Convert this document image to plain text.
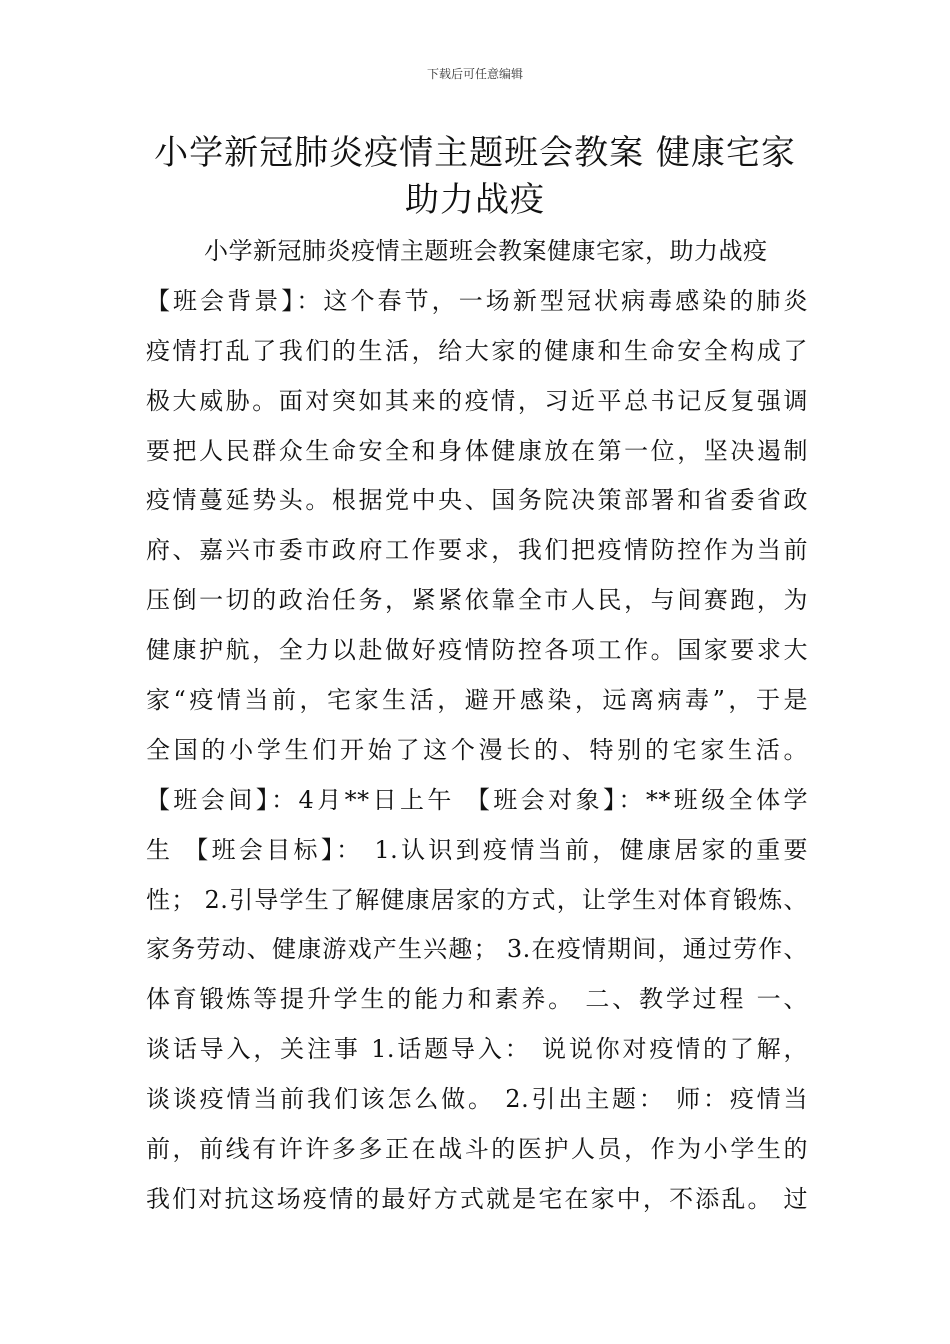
下载后可任意编辑
小学新冠肺炎疫情主题班会教案 健康宅家
助力战疫
小学新冠肺炎疫情主题班会教案健康宅家，助力战疫
【班会背景】：这个春节，一场新型冠状病毒感染的肺炎
疫情打乱了我们的生活，给大家的健康和生命安全构成了
极大威胁。面对突如其来的疫情，习近平总书记反复强调
要把人民群众生命安全和身体健康放在第一位，坚决遏制
疫情蔓延势头。根据党中央、国务院决策部署和省委省政
府、嘉兴市委市政府工作要求，我们把疫情防控作为当前
压倒一切的政治任务，紧紧依靠全市人民，与间赛跑，为
健康护航，全力以赴做好疫情防控各项工作。国家要求大
家“疫情当前，宅家生活，避开感染，远离病毒”，于是
全国的小学生们开始了这个漫长的、特别的宅家生活。
【班会间】：4月**日上午 【班会对象】：**班级全体学
生 【班会目标】： 1.认识到疫情当前，健康居家的重要
性； 2.引导学生了解健康居家的方式，让学生对体育锻炼、
家务劳动、健康游戏产生兴趣； 3.在疫情期间，通过劳作、
体育锻炼等提升学生的能力和素养。 二、教学过程 一、
谈话导入，关注事 1.话题导入： 说说你对疫情的了解，
谈谈疫情当前我们该怎么做。 2.引出主题： 师：疫情当
前，前线有许许多多正在战斗的医护人员，作为小学生的
我们对抗这场疫情的最好方式就是宅在家中，不添乱。 过
